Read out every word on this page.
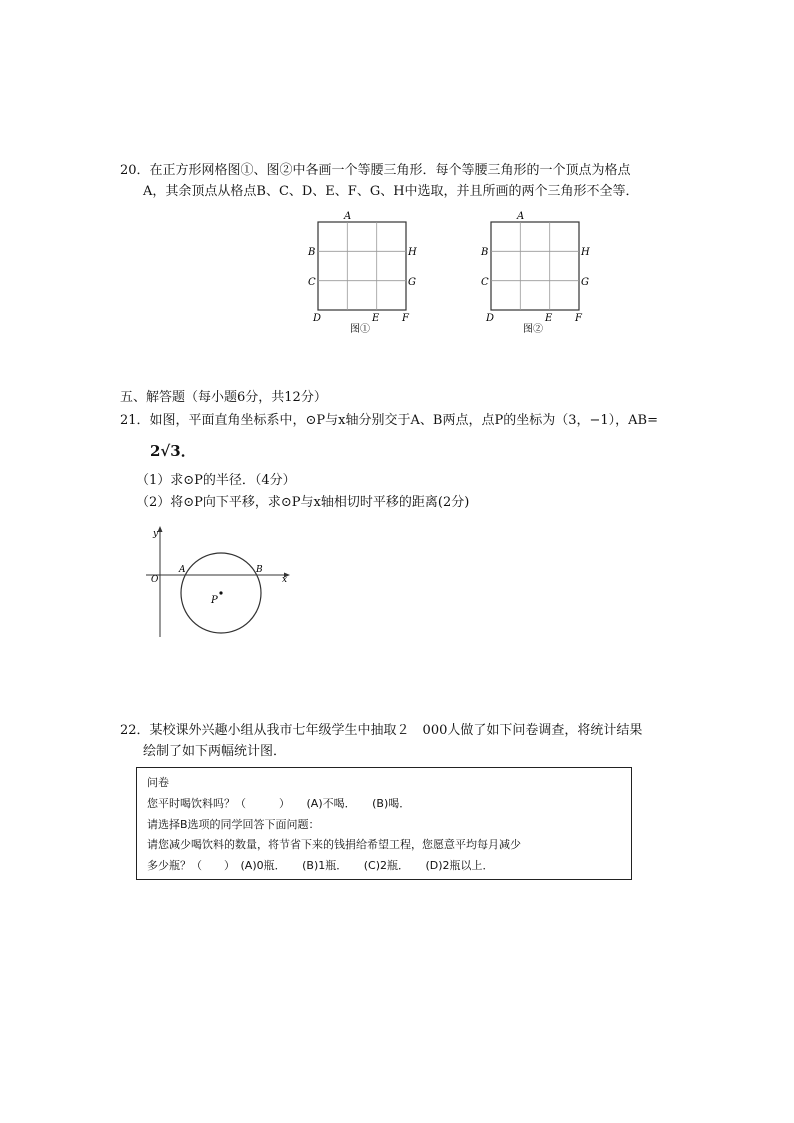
20．在正方形网格图①、图②中各画一个等腰三角形．每个等腰三角形的一个顶点为格点
A，其余顶点从格点B、C、D、E、F、G、H中选取，并且所画的两个三角形不全等．
A
B
C
D	E F
G
H
图①
A
B
C
D	E F
G
H
图②
五、解答题（每小题6分，共12分）
21．如图，平面直角坐标系中，⊙P与x轴分别交于A、B两点，点P的坐标为（3，−1），AB=
2√3．
（1）求⊙P的半径．（4分）
（2）将⊙P向下平移，求⊙P与x轴相切时平移的距离(2分)
y
x
O
A	B
P
22．某校课外兴趣小组从我市七年级学生中抽取２　000人做了如下问卷调查，将统计结果
绘制了如下两幅统计图．
问卷
您平时喝饮料吗？（　　　）　　(A)不喝．　　(B)喝．
请选择B选项的同学回答下面问题：
请您减少喝饮料的数量，将节省下来的钱捐给希望工程，您愿意平均每月减少
多少瓶？（　　）　(A)0瓶．　　(B)1瓶．　　(C)2瓶．　　(D)2瓶以上．
